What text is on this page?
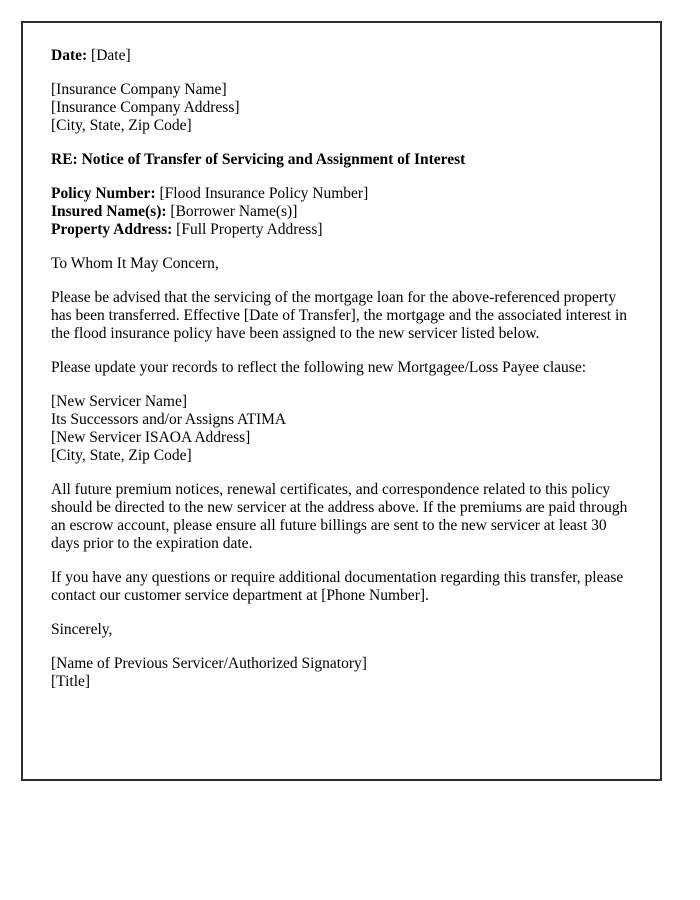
Date: [Date]
[Insurance Company Name]
[Insurance Company Address]
[City, State, Zip Code]
RE: Notice of Transfer of Servicing and Assignment of Interest
Policy Number: [Flood Insurance Policy Number]
Insured Name(s): [Borrower Name(s)]
Property Address: [Full Property Address]
To Whom It May Concern,
Please be advised that the servicing of the mortgage loan for the above-referenced property has been transferred. Effective [Date of Transfer], the mortgage and the associated interest in the flood insurance policy have been assigned to the new servicer listed below.
Please update your records to reflect the following new Mortgagee/Loss Payee clause:
[New Servicer Name]
Its Successors and/or Assigns ATIMA
[New Servicer ISAOA Address]
[City, State, Zip Code]
All future premium notices, renewal certificates, and correspondence related to this policy should be directed to the new servicer at the address above. If the premiums are paid through an escrow account, please ensure all future billings are sent to the new servicer at least 30 days prior to the expiration date.
If you have any questions or require additional documentation regarding this transfer, please contact our customer service department at [Phone Number].
Sincerely,
[Name of Previous Servicer/Authorized Signatory]
[Title]
